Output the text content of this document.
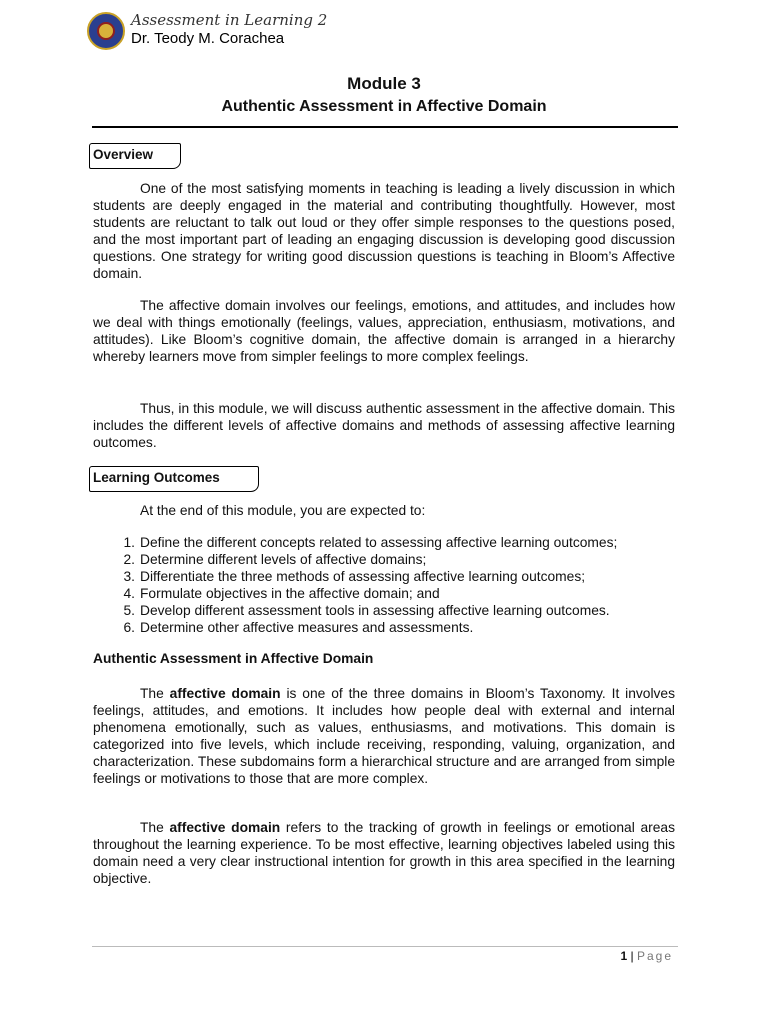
Assessment in Learning 2
Dr. Teody M. Corachea
Module 3
Authentic Assessment in Affective Domain
Overview

One of the most satisfying moments in teaching is leading a lively discussion in which students are deeply engaged in the material and contributing thoughtfully. However, most students are reluctant to talk out loud or they offer simple responses to the questions posed, and the most important part of leading an engaging discussion is developing good discussion questions. One strategy for writing good discussion questions is teaching in Bloom’s Affective domain.

The affective domain involves our feelings, emotions, and attitudes, and includes how we deal with things emotionally (feelings, values, appreciation, enthusiasm, motivations, and attitudes). Like Bloom’s cognitive domain, the affective domain is arranged in a hierarchy whereby learners move from simpler feelings to more complex feelings.

Thus, in this module, we will discuss authentic assessment in the affective domain. This includes the different levels of affective domains and methods of assessing affective learning outcomes.

Learning Outcomes

At the end of this module, you are expected to:

1. Define the different concepts related to assessing affective learning outcomes;
2. Determine different levels of affective domains;
3. Differentiate the three methods of assessing affective learning outcomes;
4. Formulate objectives in the affective domain; and
5. Develop different assessment tools in assessing affective learning outcomes.
6. Determine other affective measures and assessments.

Authentic Assessment in Affective Domain

The affective domain is one of the three domains in Bloom’s Taxonomy. It involves feelings, attitudes, and emotions. It includes how people deal with external and internal phenomena emotionally, such as values, enthusiasms, and motivations. This domain is categorized into five levels, which include receiving, responding, valuing, organization, and characterization. These subdomains form a hierarchical structure and are arranged from simple feelings or motivations to those that are more complex.

The affective domain refers to the tracking of growth in feelings or emotional areas throughout the learning experience. To be most effective, learning objectives labeled using this domain need a very clear instructional intention for growth in this area specified in the learning objective.

1 | Page
